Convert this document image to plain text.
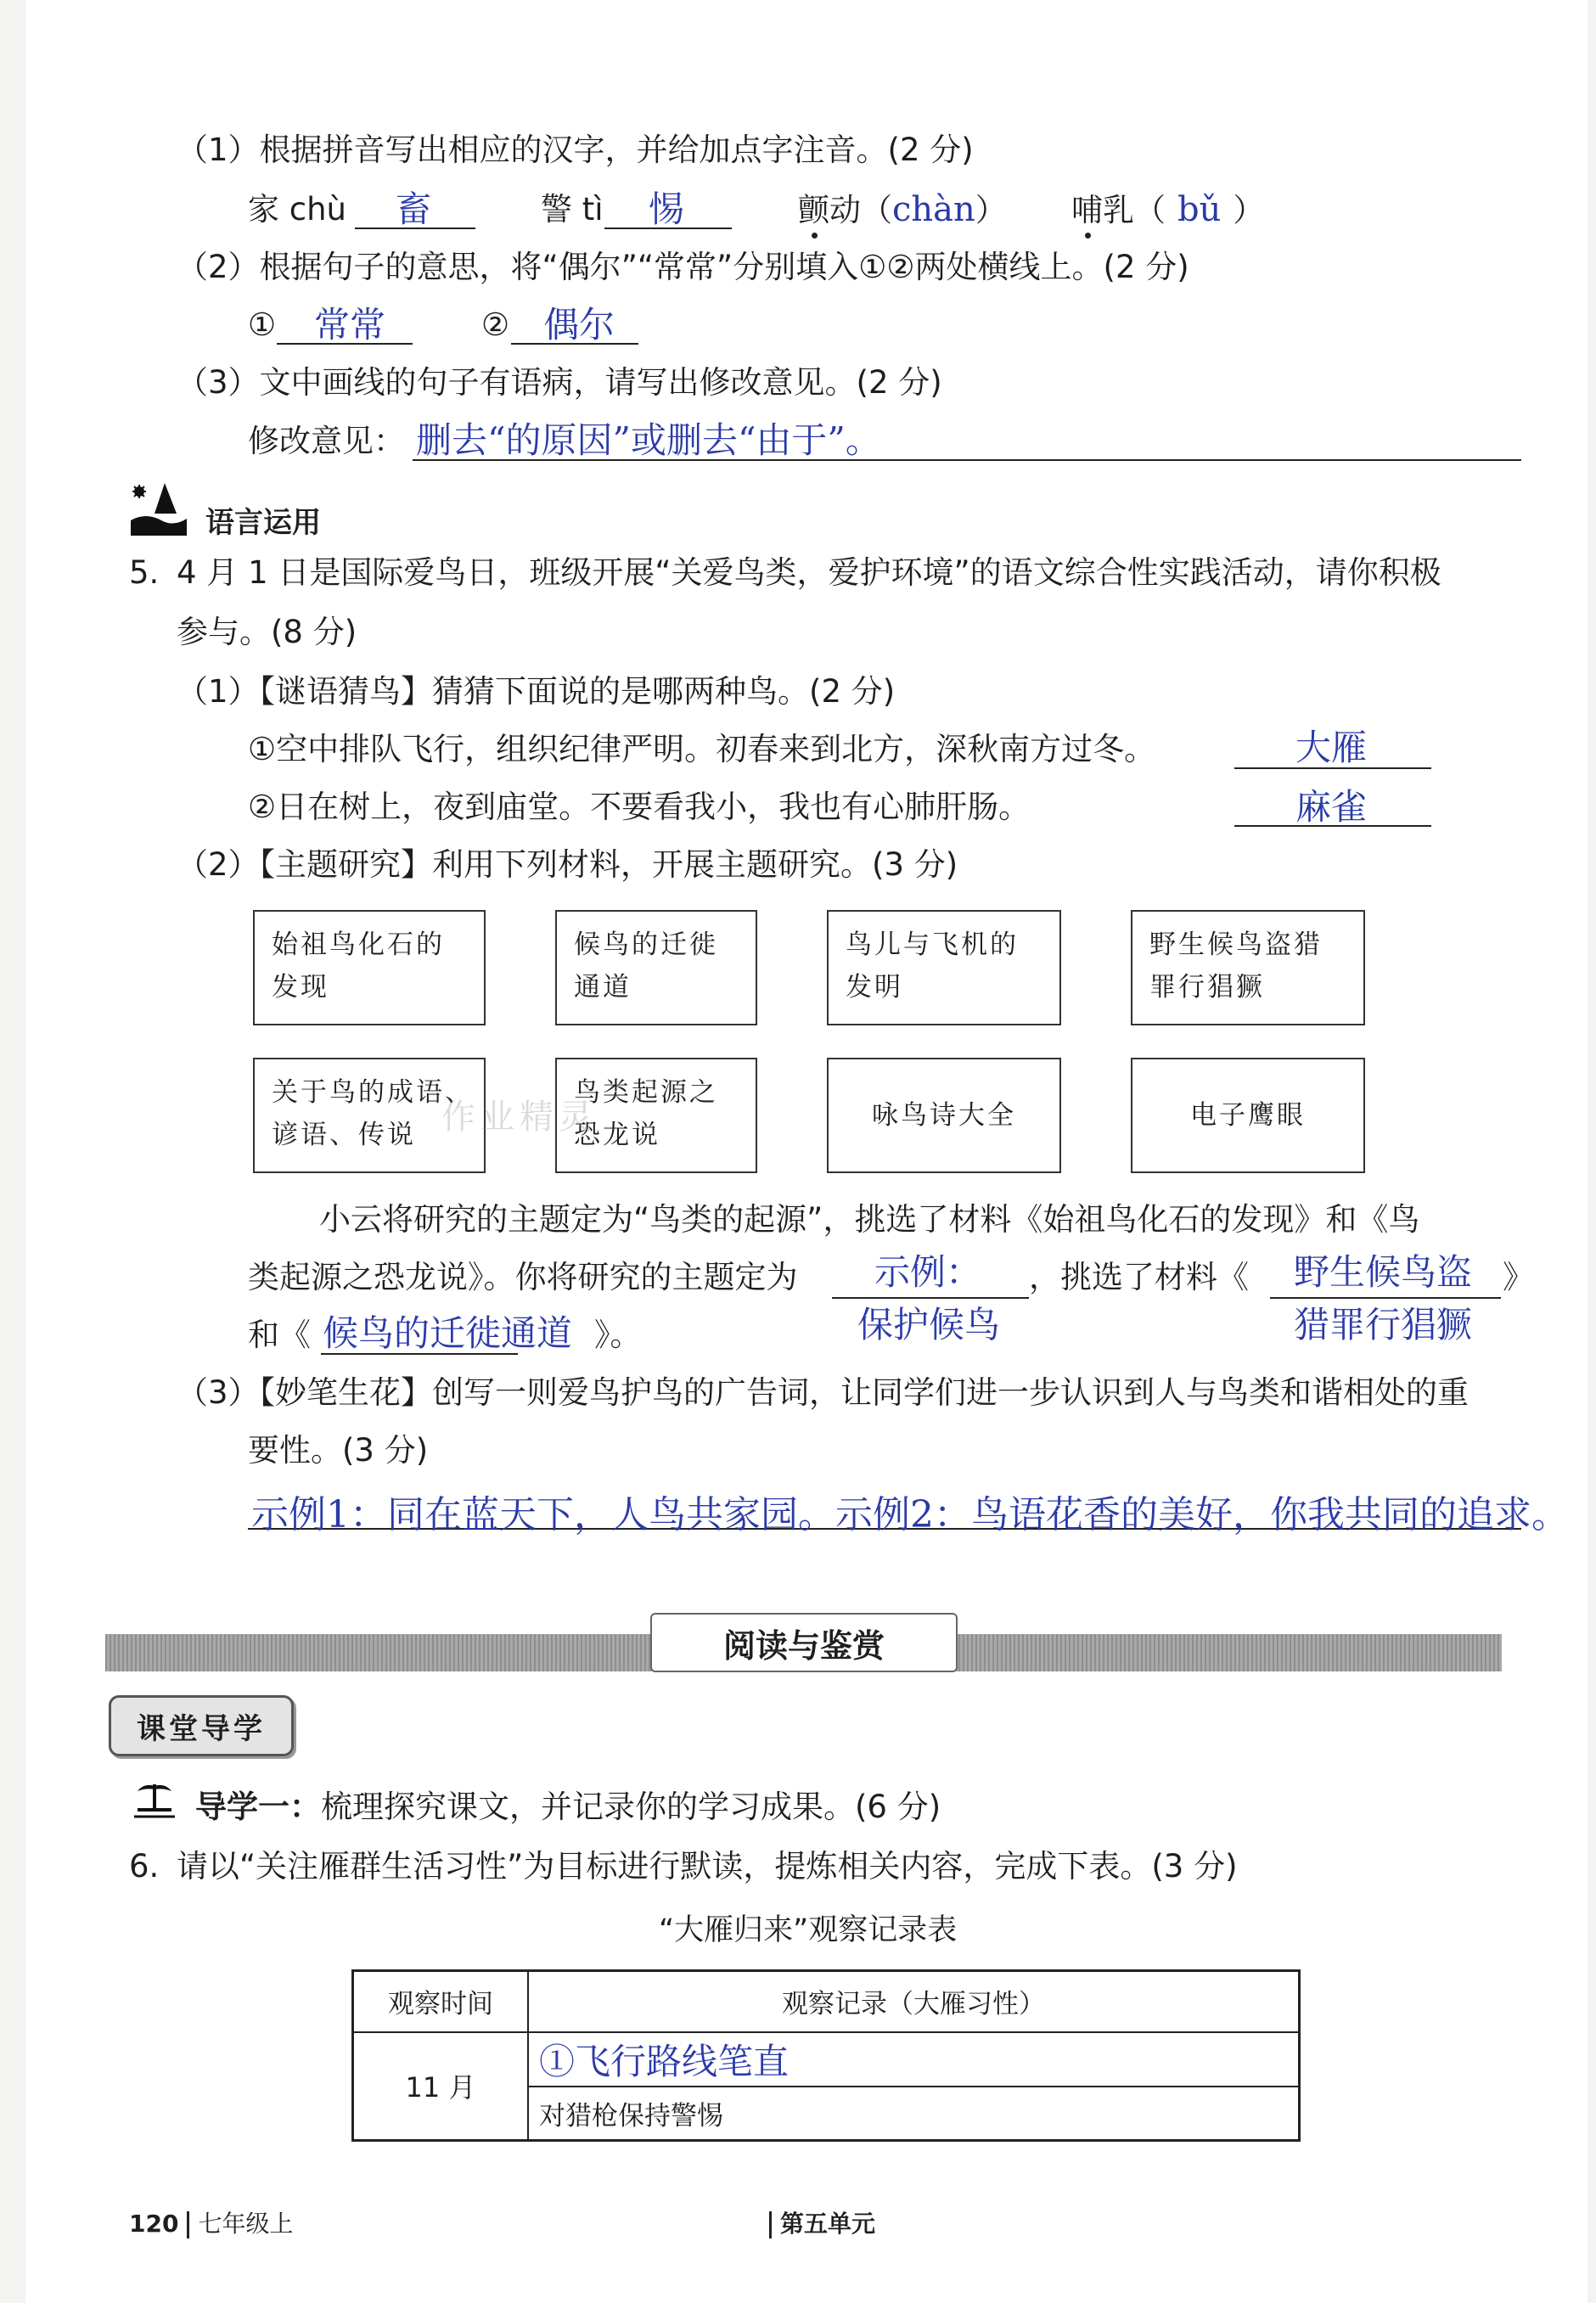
（1）根据拼音写出相应的汉字，并给加点字注音。(2 分)
家 chù 畜	警 tì 惕	颤动（chàn） 哺乳（ bǔ ）
（2）根据句子的意思，将“偶尔”“常常”分别填入①②两处横线上。(2 分)
① 常常	② 偶尔
（3）文中画线的句子有语病，请写出修改意见。(2 分)
修改意见： 删去“的原因”或删去“由于”。
语言运用
5. 4 月 1 日是国际爱鸟日，班级开展“关爱鸟类，爱护环境”的语文综合性实践活动，请你积极
参与。(8 分)
（1）【谜语猜鸟】猜猜下面说的是哪两种鸟。(2 分)
①空中排队飞行，组织纪律严明。初春来到北方，深秋南方过冬。	大雁
②日在树上，夜到庙堂。不要看我小，我也有心肺肝肠。	麻雀
（2）【主题研究】利用下列材料，开展主题研究。(3 分)
始祖鸟化石的
发现
候鸟的迁徙
通道
鸟儿与飞机的
发明
野生候鸟盗猎
罪行猖獗
关于鸟的成语、
谚语、传说
鸟类起源之
恐龙说
咏鸟诗大全	电子鹰眼
作业精灵
小云将研究的主题定为“鸟类的起源”，挑选了材料《始祖鸟化石的发现》和《鸟
类起源之恐龙说》。你将研究的主题定为 示例：
保护候鸟
，挑选了材料《 野生候鸟盗
猎罪行猖獗
》
和《 候鸟的迁徙通道 》。
（3）【妙笔生花】创写一则爱鸟护鸟的广告词，让同学们进一步认识到人与鸟类和谐相处的重
要性。(3 分)
示例1：同在蓝天下，人鸟共家园。示例2：鸟语花香的美好，你我共同的追求。
阅读与鉴赏
课堂导学
导学一：梳理探究课文，并记录你的学习成果。(6 分)
6. 请以“关注雁群生活习性”为目标进行默读，提炼相关内容，完成下表。(3 分)
“大雁归来”观察记录表
观察时间	观察记录（大雁习性）
11 月	①飞行路线笔直
	对猎枪保持警惕
120 七年级上	第五单元
